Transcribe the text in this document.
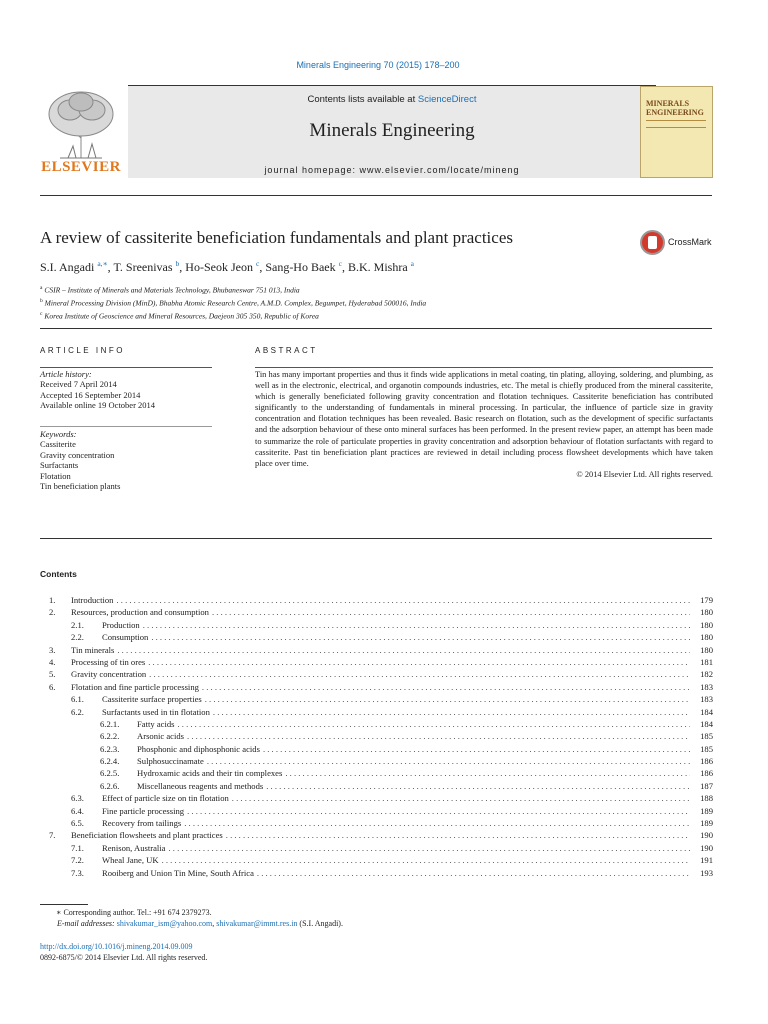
Minerals Engineering 70 (2015) 178–200
ELSEVIER
Contents lists available at ScienceDirect
Minerals Engineering
journal homepage: www.elsevier.com/locate/mineng
MINERALS
ENGINEERING
A review of cassiterite beneficiation fundamentals and plant practices	CrossMark
S.I. Angadi $^{a,∗}$, T. Sreenivas $^b$, Ho-Seok Jeon $^c$, Sang-Ho Baek $^c$, B.K. Mishra $^a$
$^a$ CSIR – Institute of Minerals and Materials Technology, Bhubaneswar 751 013, India
$^b$ Mineral Processing Division (MinD), Bhabha Atomic Research Centre, A.M.D. Complex, Begumpet, Hyderabad 500016, India
$^c$ Korea Institute of Geoscience and Mineral Resources, Daejeon 305 350, Republic of Korea
ARTICLE INFO	ABSTRACT
Article history:
Received 7 April 2014
Accepted 16 September 2014
Available online 19 October 2014
Keywords:
Cassiterite
Gravity concentration
Surfactants
Flotation
Tin beneficiation plants
Tin has many important properties and thus it finds wide applications in metal coating, tin plating, alloying, soldering, and plumbing, as well as in the electronic, electrical, and organotin compounds industries, etc. The metal is chiefly produced from the mineral cassiterite, which is generally beneficiated following gravity concentration and flotation techniques. Cassiterite beneficiation has contributed significantly to the understanding of fundamentals in mineral processing. In particular, the influence of particle size in gravity concentration and flotation techniques has been revealed. Basic research on flotation, such as the development of specific surfactants and the adsorption behaviour of these onto mineral surfaces has been performed. In the present review paper, an attempt has been made to summarize the role of particulate properties in gravity concentration and adsorption behaviour of flotation surfactants with regard to cassiterite. Past tin beneficiation plant practices are reviewed in detail including process flowsheet developments which have taken place over time.
© 2014 Elsevier Ltd. All rights reserved.
Contents
1.	Introduction . . .	179
2.	Resources, production and consumption . . .	180
2.1.	Production . . .	180
2.2.	Consumption . . .	180
3.	Tin minerals . . .	180
4.	Processing of tin ores . . .	181
5.	Gravity concentration . . .	182
6.	Flotation and fine particle processing . . .	183
6.1.	Cassiterite surface properties . . .	183
6.2.	Surfactants used in tin flotation . . .	184
6.2.1.	Fatty acids . . .	184
6.2.2.	Arsonic acids . . .	185
6.2.3.	Phosphonic and diphosphonic acids . . .	185
6.2.4.	Sulphosuccinamate . . .	186
6.2.5.	Hydroxamic acids and their tin complexes . . .	186
6.2.6.	Miscellaneous reagents and methods . . .	187
6.3.	Effect of particle size on tin flotation . . .	188
6.4.	Fine particle processing . . .	189
6.5.	Recovery from tailings . . .	189
7.	Beneficiation flowsheets and plant practices . . .	190
7.1.	Renison, Australia . . .	190
7.2.	Wheal Jane, UK . . .	191
7.3.	Rooiberg and Union Tin Mine, South Africa . . .	193
∗ Corresponding author. Tel.: +91 674 2379273.
E-mail addresses: shivakumar_ism@yahoo.com, shivakumar@immt.res.in (S.I. Angadi).
http://dx.doi.org/10.1016/j.mineng.2014.09.009
0892-6875/© 2014 Elsevier Ltd. All rights reserved.
